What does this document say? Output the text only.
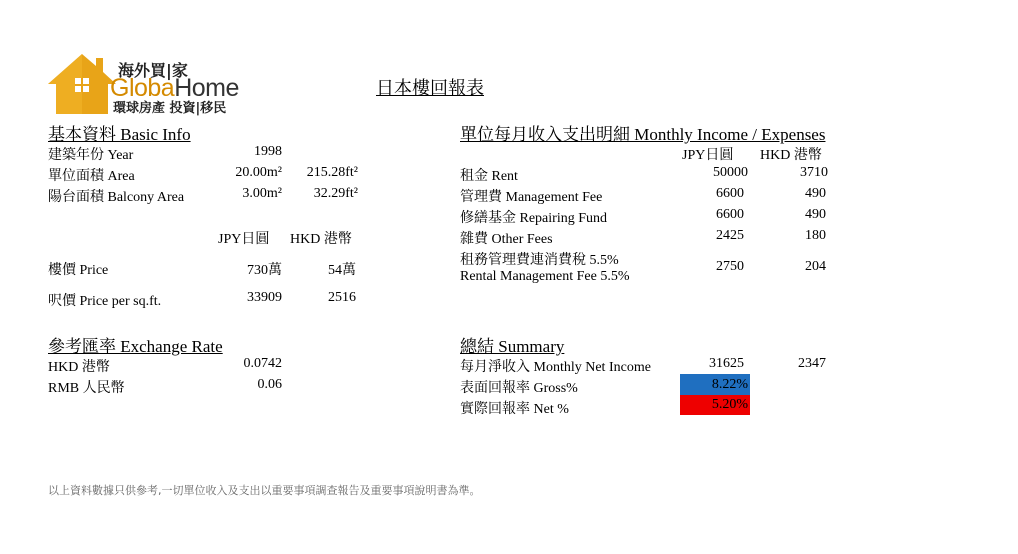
海外買|家
GlobaHome
環球房產 投資|移民
日本樓回報表
基本資料 Basic Info
建築年份 Year	1998
單位面積 Area	20.00m²	215.28ft²
陽台面積 Balcony Area	3.00m²	32.29ft²
JPY日圓 HKD 港幣
樓價 Price	730萬	54萬
呎價 Price per sq.ft.	33909	2516
參考匯率 Exchange Rate
HKD 港幣	0.0742
RMB 人民幣	0.06
單位每月收入支出明細 Monthly Income / Expenses
JPY日圓 HKD 港幣
租金 Rent	50000	3710
管理費 Management Fee	6600	490
修繕基金 Repairing Fund	6600	490
雜費 Other Fees	2425	180
租務管理費連消費稅 5.5%
Rental Management Fee 5.5%
2750	204
總結 Summary
每月淨收入 Monthly Net Income	31625	2347
表面回報率 Gross%	8.22%
實際回報率 Net %	5.20%
以上資料數據只供參考,一切單位收入及支出以重要事項調查報告及重要事項說明書為準。
